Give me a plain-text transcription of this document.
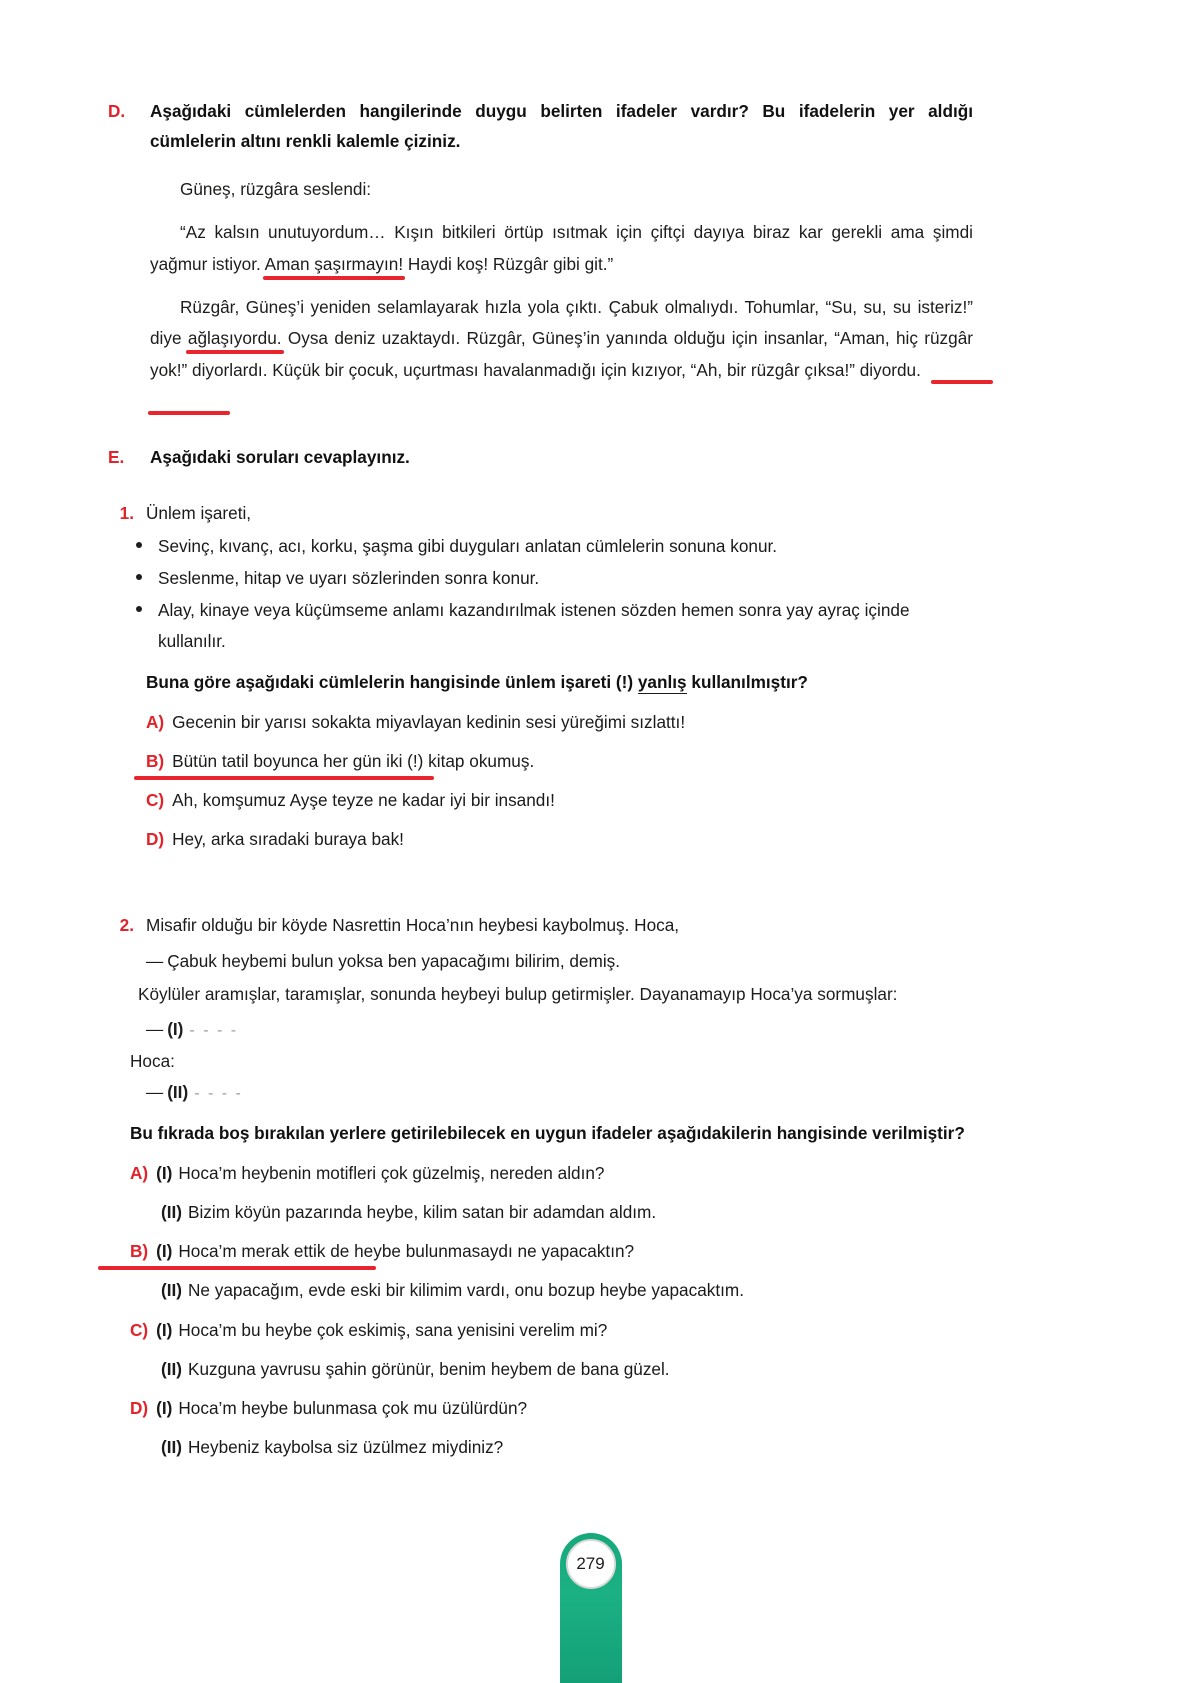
D.	Aşağıdaki cümlelerden hangilerinde duygu belirten ifadeler vardır? Bu ifadelerin yer aldığı cümlelerin altını renkli kalemle çiziniz.

Güneş, rüzgâra seslendi:

“Az kalsın unutuyordum… Kışın bitkileri örtüp ısıtmak için çiftçi dayıya biraz kar gerekli ama şimdi yağmur istiyor. Aman şaşırmayın! Haydi koş! Rüzgâr gibi git.”

Rüzgâr, Güneş’i yeniden selamlayarak hızla yola çıktı. Çabuk olmalıydı. Tohumlar, “Su, su, su isteriz!” diye ağlaşıyordu. Oysa deniz uzaktaydı. Rüzgâr, Güneş’in yanında olduğu için insanlar, “Aman, hiç rüzgâr yok!” diyorlardı. Küçük bir çocuk, uçurtması havalanmadığı için kızıyor, “Ah, bir rüzgâr çıksa!” diyordu.

E.	Aşağıdaki soruları cevaplayınız.
1. Ünlem işareti,
Sevinç, kıvanç, acı, korku, şaşma gibi duyguları anlatan cümlelerin sonuna konur.
Seslenme, hitap ve uyarı sözlerinden sonra konur.
Alay, kinaye veya küçümseme anlamı kazandırılmak istenen sözden hemen sonra yay ayraç içinde kullanılır.
Buna göre aşağıdaki cümlelerin hangisinde ünlem işareti (!) yanlış kullanılmıştır?
A) Gecenin bir yarısı sokakta miyavlayan kedinin sesi yüreğimi sızlattı!
B) Bütün tatil boyunca her gün iki (!) kitap okumuş.
C) Ah, komşumuz Ayşe teyze ne kadar iyi bir insandı!
D) Hey, arka sıradaki buraya bak!
2. Misafir olduğu bir köyde Nasrettin Hoca’nın heybesi kaybolmuş. Hoca,
— Çabuk heybemi bulun yoksa ben yapacağımı bilirim, demiş.

Köylüler aramışlar, taramışlar, sonunda heybeyi bulup getirmişler. Dayanamayıp Hoca’ya sormuşlar:

— (I) - - - -
Hoca:
— (II) - - - -
Bu fıkrada boş bırakılan yerlere getirilebilecek en uygun ifadeler aşağıdakilerin hangisinde verilmiştir?
A) (I) Hoca’m heybenin motifleri çok güzelmiş, nereden aldın?
(II) Bizim köyün pazarında heybe, kilim satan bir adamdan aldım.
B) (I) Hoca’m merak ettik de heybe bulunmasaydı ne yapacaktın?
(II) Ne yapacağım, evde eski bir kilimim vardı, onu bozup heybe yapacaktım.
C) (I) Hoca’m bu heybe çok eskimiş, sana yenisini verelim mi?
(II) Kuzguna yavrusu şahin görünür, benim heybem de bana güzel.
D) (I) Hoca’m heybe bulunmasa çok mu üzülürdün?
(II) Heybeniz kaybolsa siz üzülmez miydiniz?
279
